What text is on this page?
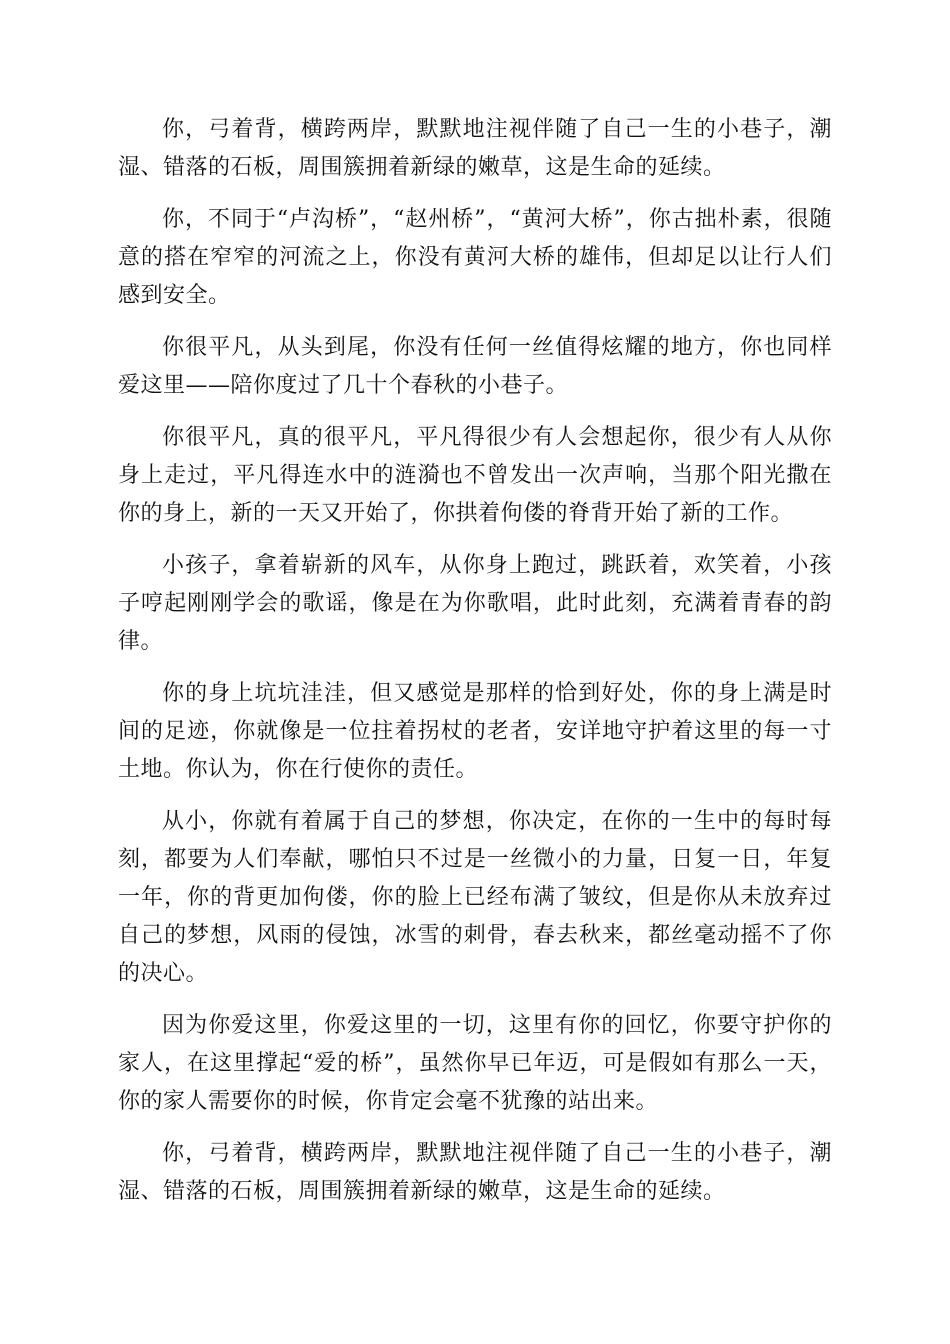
你，弓着背，横跨两岸，默默地注视伴随了自己一生的小巷子，潮湿、错落的石板，周围簇拥着新绿的嫩草，这是生命的延续。

你，不同于“卢沟桥”，“赵州桥”，“黄河大桥”，你古拙朴素，很随意的搭在窄窄的河流之上，你没有黄河大桥的雄伟，但却足以让行人们感到安全。

你很平凡，从头到尾，你没有任何一丝值得炫耀的地方，你也同样爱这里——陪你度过了几十个春秋的小巷子。

你很平凡，真的很平凡，平凡得很少有人会想起你，很少有人从你身上走过，平凡得连水中的涟漪也不曾发出一次声响，当那个阳光撒在你的身上，新的一天又开始了，你拱着佝偻的脊背开始了新的工作。

小孩子，拿着崭新的风车，从你身上跑过，跳跃着，欢笑着，小孩子哼起刚刚学会的歌谣，像是在为你歌唱，此时此刻，充满着青春的韵律。

你的身上坑坑洼洼，但又感觉是那样的恰到好处，你的身上满是时间的足迹，你就像是一位拄着拐杖的老者，安详地守护着这里的每一寸土地。你认为，你在行使你的责任。

从小，你就有着属于自己的梦想，你决定，在你的一生中的每时每刻，都要为人们奉献，哪怕只不过是一丝微小的力量，日复一日，年复一年，你的背更加佝偻，你的脸上已经布满了皱纹，但是你从未放弃过自己的梦想，风雨的侵蚀，冰雪的刺骨，春去秋来，都丝毫动摇不了你的决心。

因为你爱这里，你爱这里的一切，这里有你的回忆，你要守护你的家人，在这里撑起“爱的桥”，虽然你早已年迈，可是假如有那么一天，你的家人需要你的时候，你肯定会毫不犹豫的站出来。

你，弓着背，横跨两岸，默默地注视伴随了自己一生的小巷子，潮湿、错落的石板，周围簇拥着新绿的嫩草，这是生命的延续。
